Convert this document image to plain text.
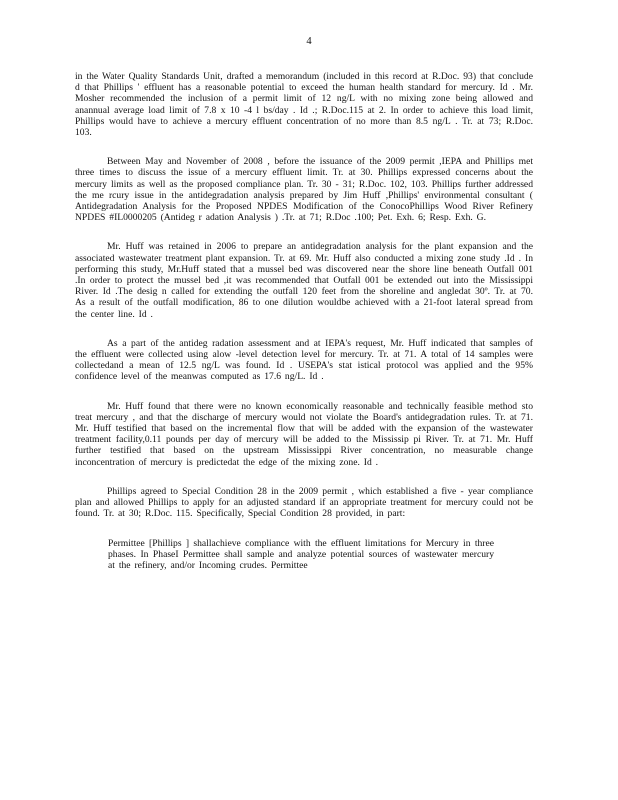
4

in the Water Quality Standards Unit, drafted a memorandum (included in this record at R.Doc. 93) that conclude d that Phillips ' effluent has a reasonable potential to exceed the human health standard for mercury. Id . Mr. Mosher recommended the inclusion of a permit limit of 12 ng/L with no mixing zone being allowed and anannual average load limit of 7.8 x 10 -4 l bs/day . Id .; R.Doc.115 at 2. In order to achieve this load limit, Phillips would have to achieve a mercury effluent concentration of no more than 8.5 ng/L . Tr. at 73; R.Doc. 103.

Between May and November of 2008 , before the issuance of the 2009 permit ,IEPA and Phillips met three times to discuss the issue of a mercury effluent limit. Tr. at 30. Phillips expressed concerns about the mercury limits as well as the proposed compliance plan. Tr. 30 - 31; R.Doc. 102, 103. Phillips further addressed the me rcury issue in the antidegradation analysis prepared by Jim Huff ,Phillips' environmental consultant ( Antidegradation Analysis for the Proposed NPDES Modification of the ConocoPhillips Wood River Refinery NPDES #IL0000205 (Antideg r adation Analysis ) .Tr. at 71; R.Doc .100; Pet. Exh. 6; Resp. Exh. G.

Mr. Huff was retained in 2006 to prepare an antidegradation analysis for the plant expansion and the associated wastewater treatment plant expansion. Tr. at 69. Mr. Huff also conducted a mixing zone study .Id . In performing this study, Mr.Huff stated that a mussel bed was discovered near the shore line beneath Outfall 001 .In order to protect the mussel bed ,it was recommended that Outfall 001 be extended out into the Mississippi River. Id .The desig n called for extending the outfall 120 feet from the shoreline and angledat 30º. Tr. at 70. As a result of the outfall modification, 86 to one dilution wouldbe achieved with a 21-foot lateral spread from the center line. Id .

As a part of the antideg radation assessment and at IEPA's request, Mr. Huff indicated that samples of the effluent were collected using alow -level detection level for mercury. Tr. at 71. A total of 14 samples were collectedand a mean of 12.5 ng/L was found. Id . USEPA's stat istical protocol was applied and the 95% confidence level of the meanwas computed as 17.6 ng/L. Id .

Mr. Huff found that there were no known economically reasonable and technically feasible method sto treat mercury , and that the discharge of mercury would not violate the Board's antidegradation rules. Tr. at 71. Mr. Huff testified that based on the incremental flow that will be added with the expansion of the wastewater treatment facility,0.11 pounds per day of mercury will be added to the Mississip pi River. Tr. at 71. Mr. Huff further testified that based on the upstream Mississippi River concentration, no measurable change inconcentration of mercury is predictedat the edge of the mixing zone. Id .

Phillips agreed to Special Condition 28 in the 2009 permit , which established a five - year compliance plan and allowed Phillips to apply for an adjusted standard if an appropriate treatment for mercury could not be found. Tr. at 30; R.Doc. 115. Specifically, Special Condition 28 provided, in part:

Permittee [Phillips ] shallachieve compliance with the effluent limitations for Mercury in three phases. In PhaseI Permittee shall sample and analyze potential sources of wastewater mercury at the refinery, and/or Incoming crudes. Permittee
